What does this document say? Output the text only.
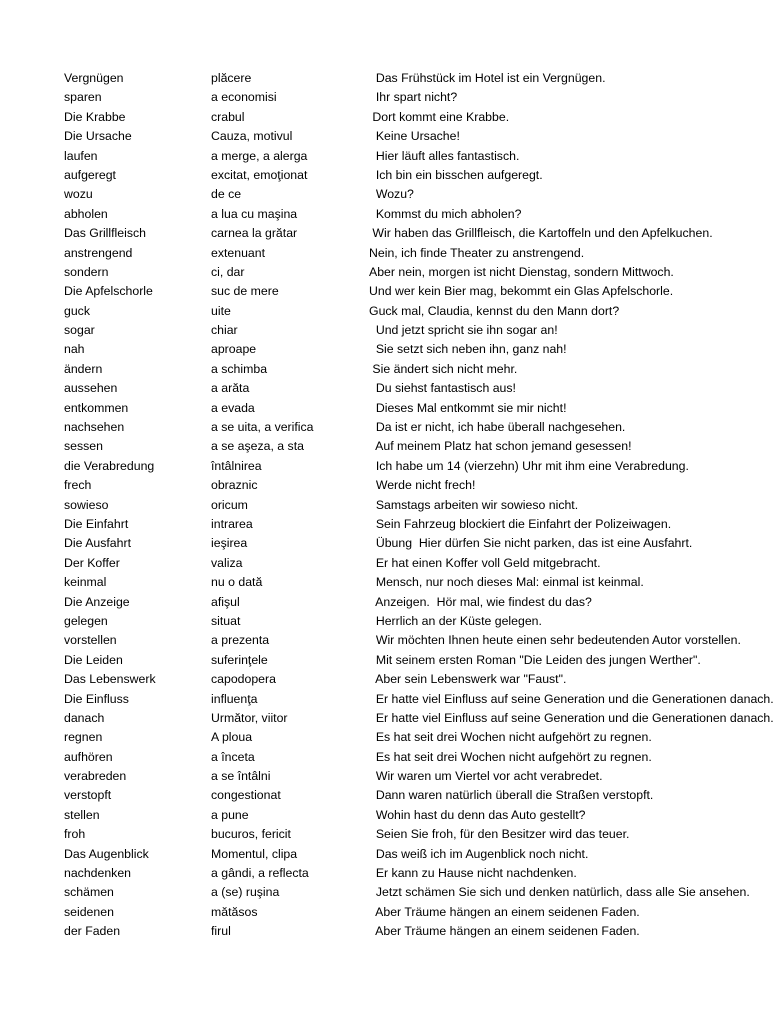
Vergnügen	plăcere	Das Frühstück im Hotel ist ein Vergnügen.
sparen	a economisi	Ihr spart nicht?
Die Krabbe	crabul	Dort kommt eine Krabbe.
Die Ursache	Cauza, motivul	Keine Ursache!
laufen	a merge, a alerga	Hier läuft alles fantastisch.
aufgeregt	excitat, emoţionat	Ich bin ein bisschen aufgeregt.
wozu	de ce	Wozu?
abholen	a lua cu maşina	Kommst du mich abholen?
Das Grillfleisch	carnea la grătar	Wir haben das Grillfleisch, die Kartoffeln und den Apfelkuchen.
anstrengend	extenuant	Nein, ich finde Theater zu anstrengend.
sondern	ci, dar	Aber nein, morgen ist nicht Dienstag, sondern Mittwoch.
Die Apfelschorle	suc de mere	Und wer kein Bier mag, bekommt ein Glas Apfelschorle.
guck	uite	Guck mal, Claudia, kennst du den Mann dort?
sogar	chiar	Und jetzt spricht sie ihn sogar an!
nah	aproape	Sie setzt sich neben ihn, ganz nah!
ändern	a schimba	Sie ändert sich nicht mehr.
aussehen	a arăta	Du siehst fantastisch aus!
entkommen	a evada	Dieses Mal entkommt sie mir nicht!
nachsehen	a se uita, a verifica	Da ist er nicht, ich habe überall nachgesehen.
sessen	a se aşeza, a sta	Auf meinem Platz hat schon jemand gesessen!
die Verabredung	întâlnirea	Ich habe um 14 (vierzehn) Uhr mit ihm eine Verabredung.
frech	obraznic	Werde nicht frech!
sowieso	oricum	Samstags arbeiten wir sowieso nicht.
Die Einfahrt	intrarea	Sein Fahrzeug blockiert die Einfahrt der Polizeiwagen.
Die Ausfahrt	ieşirea	Übung  Hier dürfen Sie nicht parken, das ist eine Ausfahrt.
Der Koffer	valiza	Er hat einen Koffer voll Geld mitgebracht.
keinmal	nu o dată	Mensch, nur noch dieses Mal: einmal ist keinmal.
Die Anzeige	afişul	Anzeigen.  Hör mal, wie findest du das?
gelegen	situat	Herrlich an der Küste gelegen.
vorstellen	a prezenta	Wir möchten Ihnen heute einen sehr bedeutenden Autor vorstellen.
Die Leiden	suferinţele	Mit seinem ersten Roman "Die Leiden des jungen Werther".
Das Lebenswerk	capodopera	Aber sein Lebenswerk war "Faust".
Die Einfluss	influenţa	Er hatte viel Einfluss auf seine Generation und die Generationen danach.
danach	Următor, viitor	Er hatte viel Einfluss auf seine Generation und die Generationen danach.
regnen	A ploua	Es hat seit drei Wochen nicht aufgehört zu regnen.
aufhören	a înceta	Es hat seit drei Wochen nicht aufgehört zu regnen.
verabreden	a se întâlni	Wir waren um Viertel vor acht verabredet.
verstopft	congestionat	Dann waren natürlich überall die Straßen verstopft.
stellen	a pune	Wohin hast du denn das Auto gestellt?
froh	bucuros, fericit	Seien Sie froh, für den Besitzer wird das teuer.
Das Augenblick	Momentul, clipa	Das weiß ich im Augenblick noch nicht.
nachdenken	a gândi, a reflecta	Er kann zu Hause nicht nachdenken.
schämen	a (se) ruşina	Jetzt schämen Sie sich und denken natürlich, dass alle Sie ansehen.
seidenen	mătăsos	Aber Träume hängen an einem seidenen Faden.
der Faden	firul	Aber Träume hängen an einem seidenen Faden.
